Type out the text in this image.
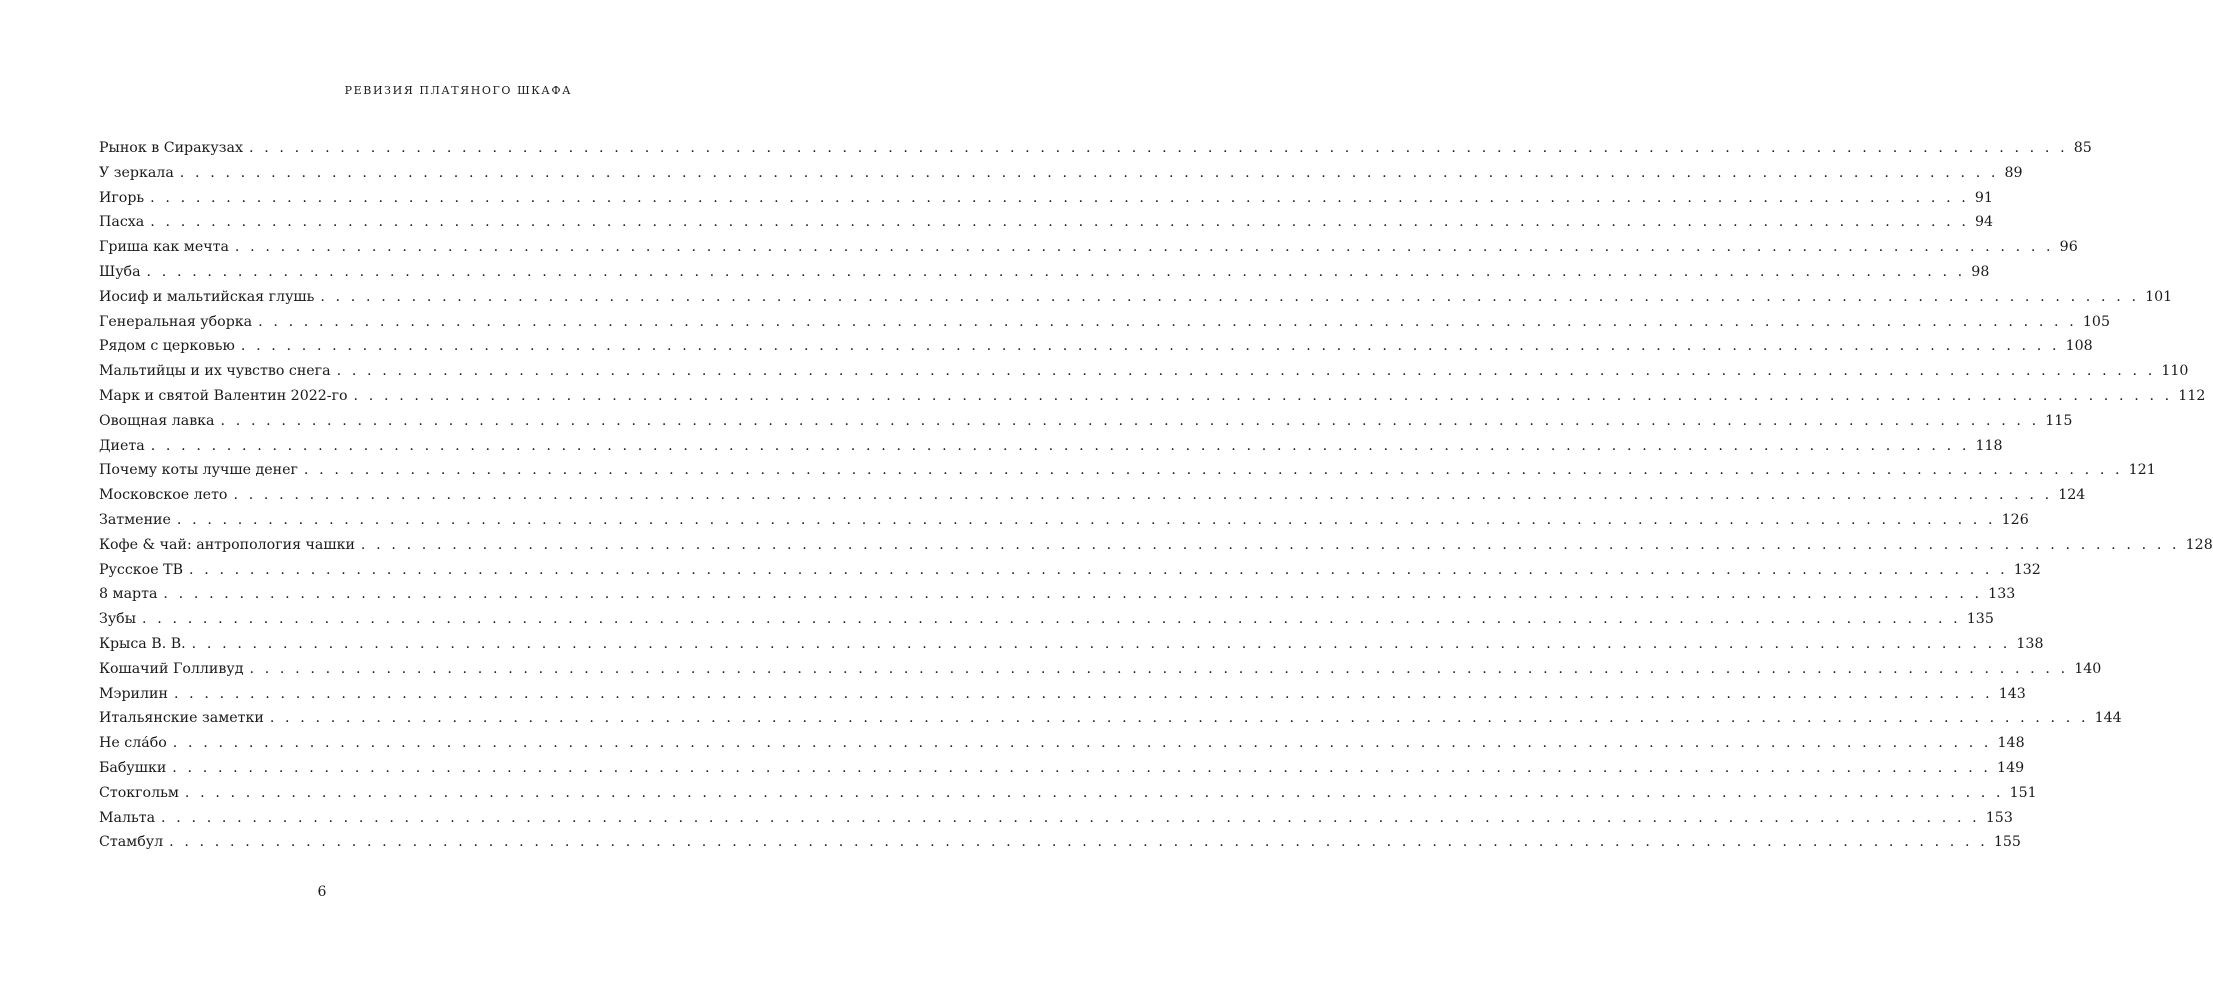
РЕВИЗИЯ ПЛАТЯНОГО ШКАФА
Рынок в Сиракузах . . . . . . . . . . . . . . . . . . . . . . . . . . . . . . . . . . . . . . . . . . . . . . . . . . . . . . . . . . . . . . . . . . . . . . . . . . . . . . . . . . . . . . . . . . . . . . . . . . . . . . . . . . . . . . . . . . . . . . . . 85
У зеркала . . . . . . . . . . . . . . . . . . . . . . . . . . . . . . . . . . . . . . . . . . . . . . . . . . . . . . . . . . . . . . . . . . . . . . . . . . . . . . . . . . . . . . . . . . . . . . . . . . . . . . . . . . . . . . . . . . . . . . . . 89
Игорь . . . . . . . . . . . . . . . . . . . . . . . . . . . . . . . . . . . . . . . . . . . . . . . . . . . . . . . . . . . . . . . . . . . . . . . . . . . . . . . . . . . . . . . . . . . . . . . . . . . . . . . . . . . . . . . . . . . . . . . . 91
Пасха . . . . . . . . . . . . . . . . . . . . . . . . . . . . . . . . . . . . . . . . . . . . . . . . . . . . . . . . . . . . . . . . . . . . . . . . . . . . . . . . . . . . . . . . . . . . . . . . . . . . . . . . . . . . . . . . . . . . . . . . 94
Гриша как мечта . . . . . . . . . . . . . . . . . . . . . . . . . . . . . . . . . . . . . . . . . . . . . . . . . . . . . . . . . . . . . . . . . . . . . . . . . . . . . . . . . . . . . . . . . . . . . . . . . . . . . . . . . . . . . . . . . . . . . . . . 96
Шуба . . . . . . . . . . . . . . . . . . . . . . . . . . . . . . . . . . . . . . . . . . . . . . . . . . . . . . . . . . . . . . . . . . . . . . . . . . . . . . . . . . . . . . . . . . . . . . . . . . . . . . . . . . . . . . . . . . . . . . . . 98
Иосиф и мальтийская глушь . . . . . . . . . . . . . . . . . . . . . . . . . . . . . . . . . . . . . . . . . . . . . . . . . . . . . . . . . . . . . . . . . . . . . . . . . . . . . . . . . . . . . . . . . . . . . . . . . . . . . . . . . . . . . . . . . . . . . . . . 101
Генеральная уборка . . . . . . . . . . . . . . . . . . . . . . . . . . . . . . . . . . . . . . . . . . . . . . . . . . . . . . . . . . . . . . . . . . . . . . . . . . . . . . . . . . . . . . . . . . . . . . . . . . . . . . . . . . . . . . . . . . . . . . . . 105
Рядом с церковью . . . . . . . . . . . . . . . . . . . . . . . . . . . . . . . . . . . . . . . . . . . . . . . . . . . . . . . . . . . . . . . . . . . . . . . . . . . . . . . . . . . . . . . . . . . . . . . . . . . . . . . . . . . . . . . . . . . . . . . . 108
Мальтийцы и их чувство снега . . . . . . . . . . . . . . . . . . . . . . . . . . . . . . . . . . . . . . . . . . . . . . . . . . . . . . . . . . . . . . . . . . . . . . . . . . . . . . . . . . . . . . . . . . . . . . . . . . . . . . . . . . . . . . . . . . . . . . . . 110
Марк и святой Валентин 2022-го . . . . . . . . . . . . . . . . . . . . . . . . . . . . . . . . . . . . . . . . . . . . . . . . . . . . . . . . . . . . . . . . . . . . . . . . . . . . . . . . . . . . . . . . . . . . . . . . . . . . . . . . . . . . . . . . . . . . . . . . 112
Овощная лавка . . . . . . . . . . . . . . . . . . . . . . . . . . . . . . . . . . . . . . . . . . . . . . . . . . . . . . . . . . . . . . . . . . . . . . . . . . . . . . . . . . . . . . . . . . . . . . . . . . . . . . . . . . . . . . . . . . . . . . . . 115
Диета . . . . . . . . . . . . . . . . . . . . . . . . . . . . . . . . . . . . . . . . . . . . . . . . . . . . . . . . . . . . . . . . . . . . . . . . . . . . . . . . . . . . . . . . . . . . . . . . . . . . . . . . . . . . . . . . . . . . . . . . 118
Почему коты лучше денег . . . . . . . . . . . . . . . . . . . . . . . . . . . . . . . . . . . . . . . . . . . . . . . . . . . . . . . . . . . . . . . . . . . . . . . . . . . . . . . . . . . . . . . . . . . . . . . . . . . . . . . . . . . . . . . . . . . . . . . . 121
Московское лето . . . . . . . . . . . . . . . . . . . . . . . . . . . . . . . . . . . . . . . . . . . . . . . . . . . . . . . . . . . . . . . . . . . . . . . . . . . . . . . . . . . . . . . . . . . . . . . . . . . . . . . . . . . . . . . . . . . . . . . . 124
Затмение . . . . . . . . . . . . . . . . . . . . . . . . . . . . . . . . . . . . . . . . . . . . . . . . . . . . . . . . . . . . . . . . . . . . . . . . . . . . . . . . . . . . . . . . . . . . . . . . . . . . . . . . . . . . . . . . . . . . . . . . 126
Кофе & чай: антропология чашки . . . . . . . . . . . . . . . . . . . . . . . . . . . . . . . . . . . . . . . . . . . . . . . . . . . . . . . . . . . . . . . . . . . . . . . . . . . . . . . . . . . . . . . . . . . . . . . . . . . . . . . . . . . . . . . . . . . . . . . . 128
Русское ТВ . . . . . . . . . . . . . . . . . . . . . . . . . . . . . . . . . . . . . . . . . . . . . . . . . . . . . . . . . . . . . . . . . . . . . . . . . . . . . . . . . . . . . . . . . . . . . . . . . . . . . . . . . . . . . . . . . . . . . . . . 132
8 марта . . . . . . . . . . . . . . . . . . . . . . . . . . . . . . . . . . . . . . . . . . . . . . . . . . . . . . . . . . . . . . . . . . . . . . . . . . . . . . . . . . . . . . . . . . . . . . . . . . . . . . . . . . . . . . . . . . . . . . . . 133
Зубы . . . . . . . . . . . . . . . . . . . . . . . . . . . . . . . . . . . . . . . . . . . . . . . . . . . . . . . . . . . . . . . . . . . . . . . . . . . . . . . . . . . . . . . . . . . . . . . . . . . . . . . . . . . . . . . . . . . . . . . . 135
Крыса В. В. . . . . . . . . . . . . . . . . . . . . . . . . . . . . . . . . . . . . . . . . . . . . . . . . . . . . . . . . . . . . . . . . . . . . . . . . . . . . . . . . . . . . . . . . . . . . . . . . . . . . . . . . . . . . . . . . . . . . . . . . 138
Кошачий Голливуд . . . . . . . . . . . . . . . . . . . . . . . . . . . . . . . . . . . . . . . . . . . . . . . . . . . . . . . . . . . . . . . . . . . . . . . . . . . . . . . . . . . . . . . . . . . . . . . . . . . . . . . . . . . . . . . . . . . . . . . . 140
Мэрилин . . . . . . . . . . . . . . . . . . . . . . . . . . . . . . . . . . . . . . . . . . . . . . . . . . . . . . . . . . . . . . . . . . . . . . . . . . . . . . . . . . . . . . . . . . . . . . . . . . . . . . . . . . . . . . . . . . . . . . . . 143
Итальянские заметки . . . . . . . . . . . . . . . . . . . . . . . . . . . . . . . . . . . . . . . . . . . . . . . . . . . . . . . . . . . . . . . . . . . . . . . . . . . . . . . . . . . . . . . . . . . . . . . . . . . . . . . . . . . . . . . . . . . . . . . . 144
Не сла́бо . . . . . . . . . . . . . . . . . . . . . . . . . . . . . . . . . . . . . . . . . . . . . . . . . . . . . . . . . . . . . . . . . . . . . . . . . . . . . . . . . . . . . . . . . . . . . . . . . . . . . . . . . . . . . . . . . . . . . . . . 148
Бабушки . . . . . . . . . . . . . . . . . . . . . . . . . . . . . . . . . . . . . . . . . . . . . . . . . . . . . . . . . . . . . . . . . . . . . . . . . . . . . . . . . . . . . . . . . . . . . . . . . . . . . . . . . . . . . . . . . . . . . . . . 149
Стокгольм . . . . . . . . . . . . . . . . . . . . . . . . . . . . . . . . . . . . . . . . . . . . . . . . . . . . . . . . . . . . . . . . . . . . . . . . . . . . . . . . . . . . . . . . . . . . . . . . . . . . . . . . . . . . . . . . . . . . . . . . 151
Мальта . . . . . . . . . . . . . . . . . . . . . . . . . . . . . . . . . . . . . . . . . . . . . . . . . . . . . . . . . . . . . . . . . . . . . . . . . . . . . . . . . . . . . . . . . . . . . . . . . . . . . . . . . . . . . . . . . . . . . . . . 153
Стамбул . . . . . . . . . . . . . . . . . . . . . . . . . . . . . . . . . . . . . . . . . . . . . . . . . . . . . . . . . . . . . . . . . . . . . . . . . . . . . . . . . . . . . . . . . . . . . . . . . . . . . . . . . . . . . . . . . . . . . . . . 155
6
